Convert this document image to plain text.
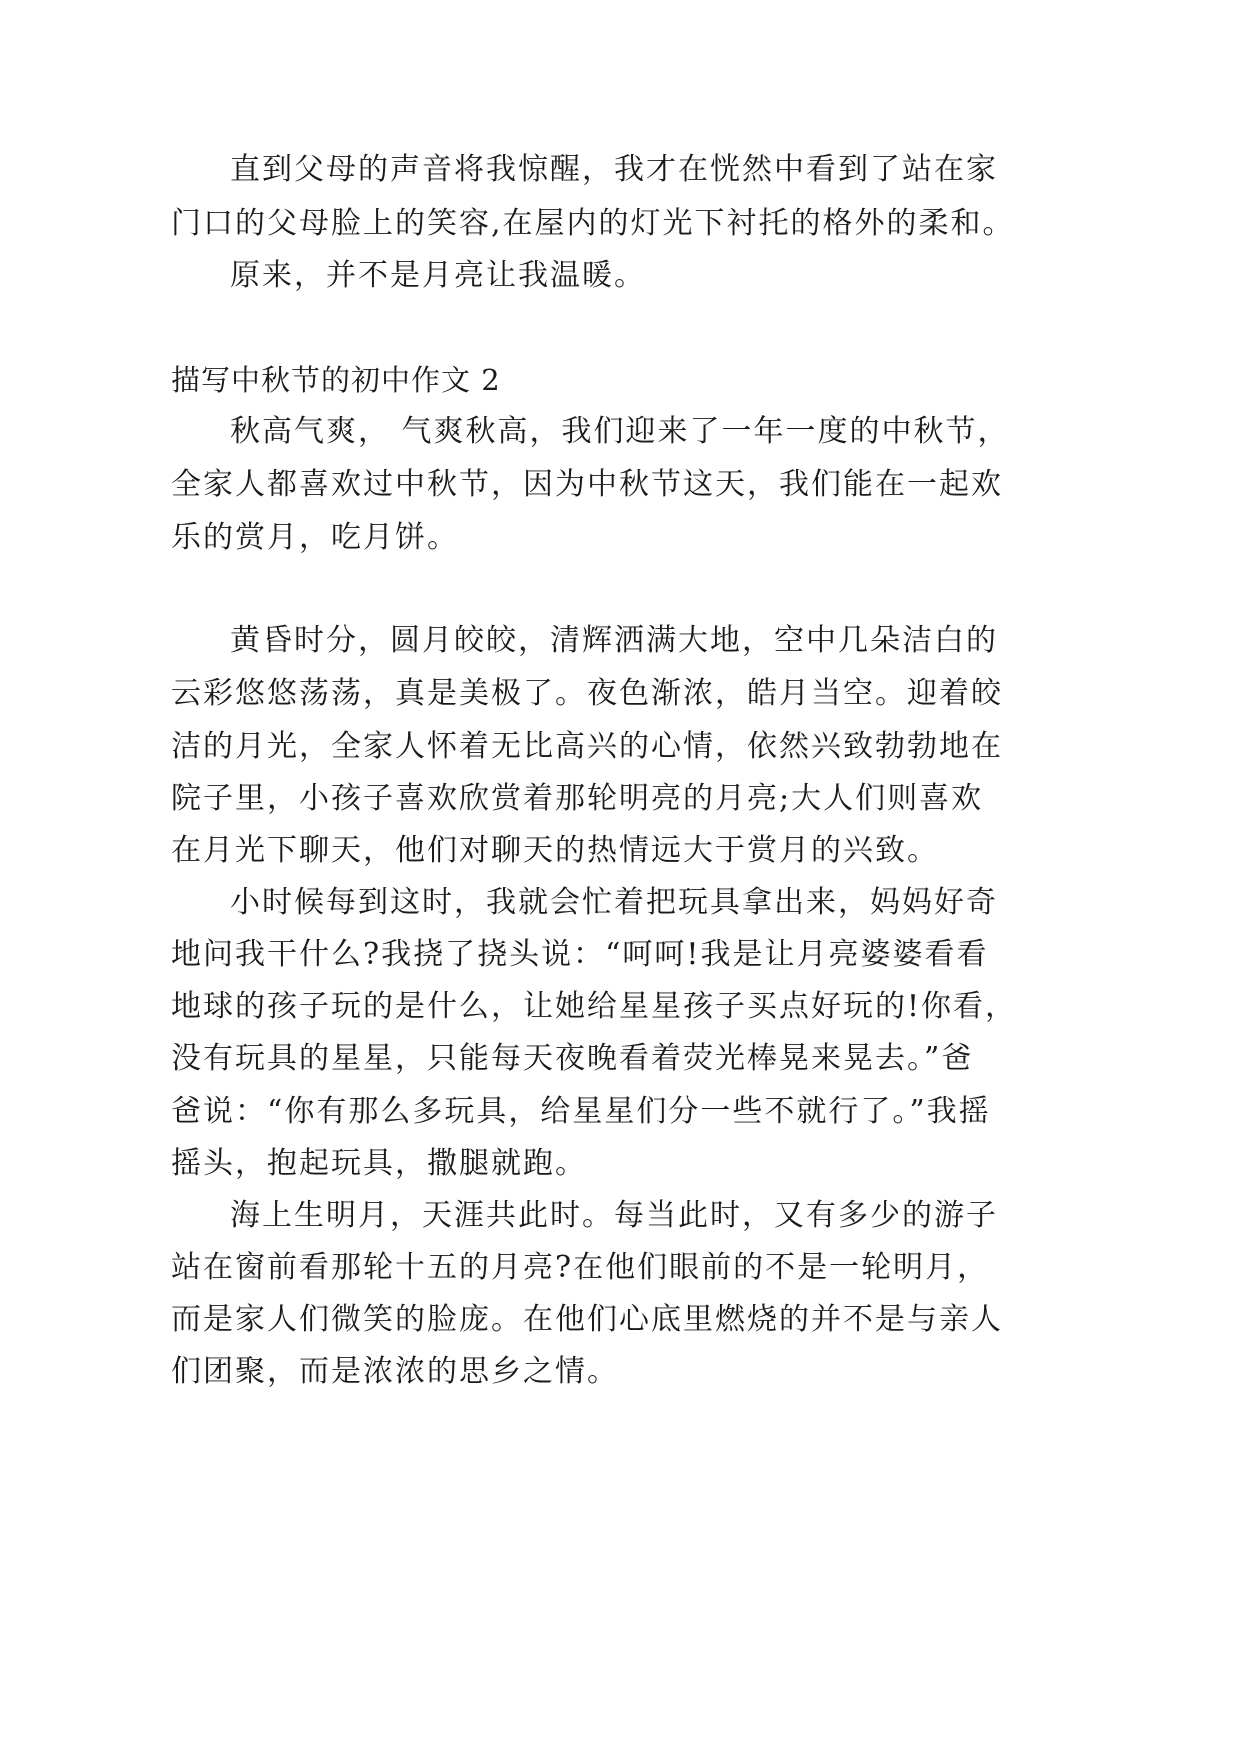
直到父母的声音将我惊醒，我才在恍然中看到了站在家
门口的父母脸上的笑容,在屋内的灯光下衬托的格外的柔和。
原来，并不是月亮让我温暖。
描写中秋节的初中作文 2
秋高气爽， 气爽秋高，我们迎来了一年一度的中秋节，
全家人都喜欢过中秋节，因为中秋节这天，我们能在一起欢
乐的赏月，吃月饼。
黄昏时分，圆月皎皎，清辉洒满大地，空中几朵洁白的
云彩悠悠荡荡，真是美极了。夜色渐浓，皓月当空。迎着皎
洁的月光，全家人怀着无比高兴的心情，依然兴致勃勃地在
院子里，小孩子喜欢欣赏着那轮明亮的月亮;大人们则喜欢
在月光下聊天，他们对聊天的热情远大于赏月的兴致。
小时候每到这时，我就会忙着把玩具拿出来，妈妈好奇
地问我干什么?我挠了挠头说：“呵呵!我是让月亮婆婆看看
地球的孩子玩的是什么，让她给星星孩子买点好玩的!你看，
没有玩具的星星，只能每天夜晚看着荧光棒晃来晃去。”爸
爸说：“你有那么多玩具，给星星们分一些不就行了。”我摇
摇头，抱起玩具，撒腿就跑。
海上生明月，天涯共此时。每当此时，又有多少的游子
站在窗前看那轮十五的月亮?在他们眼前的不是一轮明月，
而是家人们微笑的脸庞。在他们心底里燃烧的并不是与亲人
们团聚，而是浓浓的思乡之情。
